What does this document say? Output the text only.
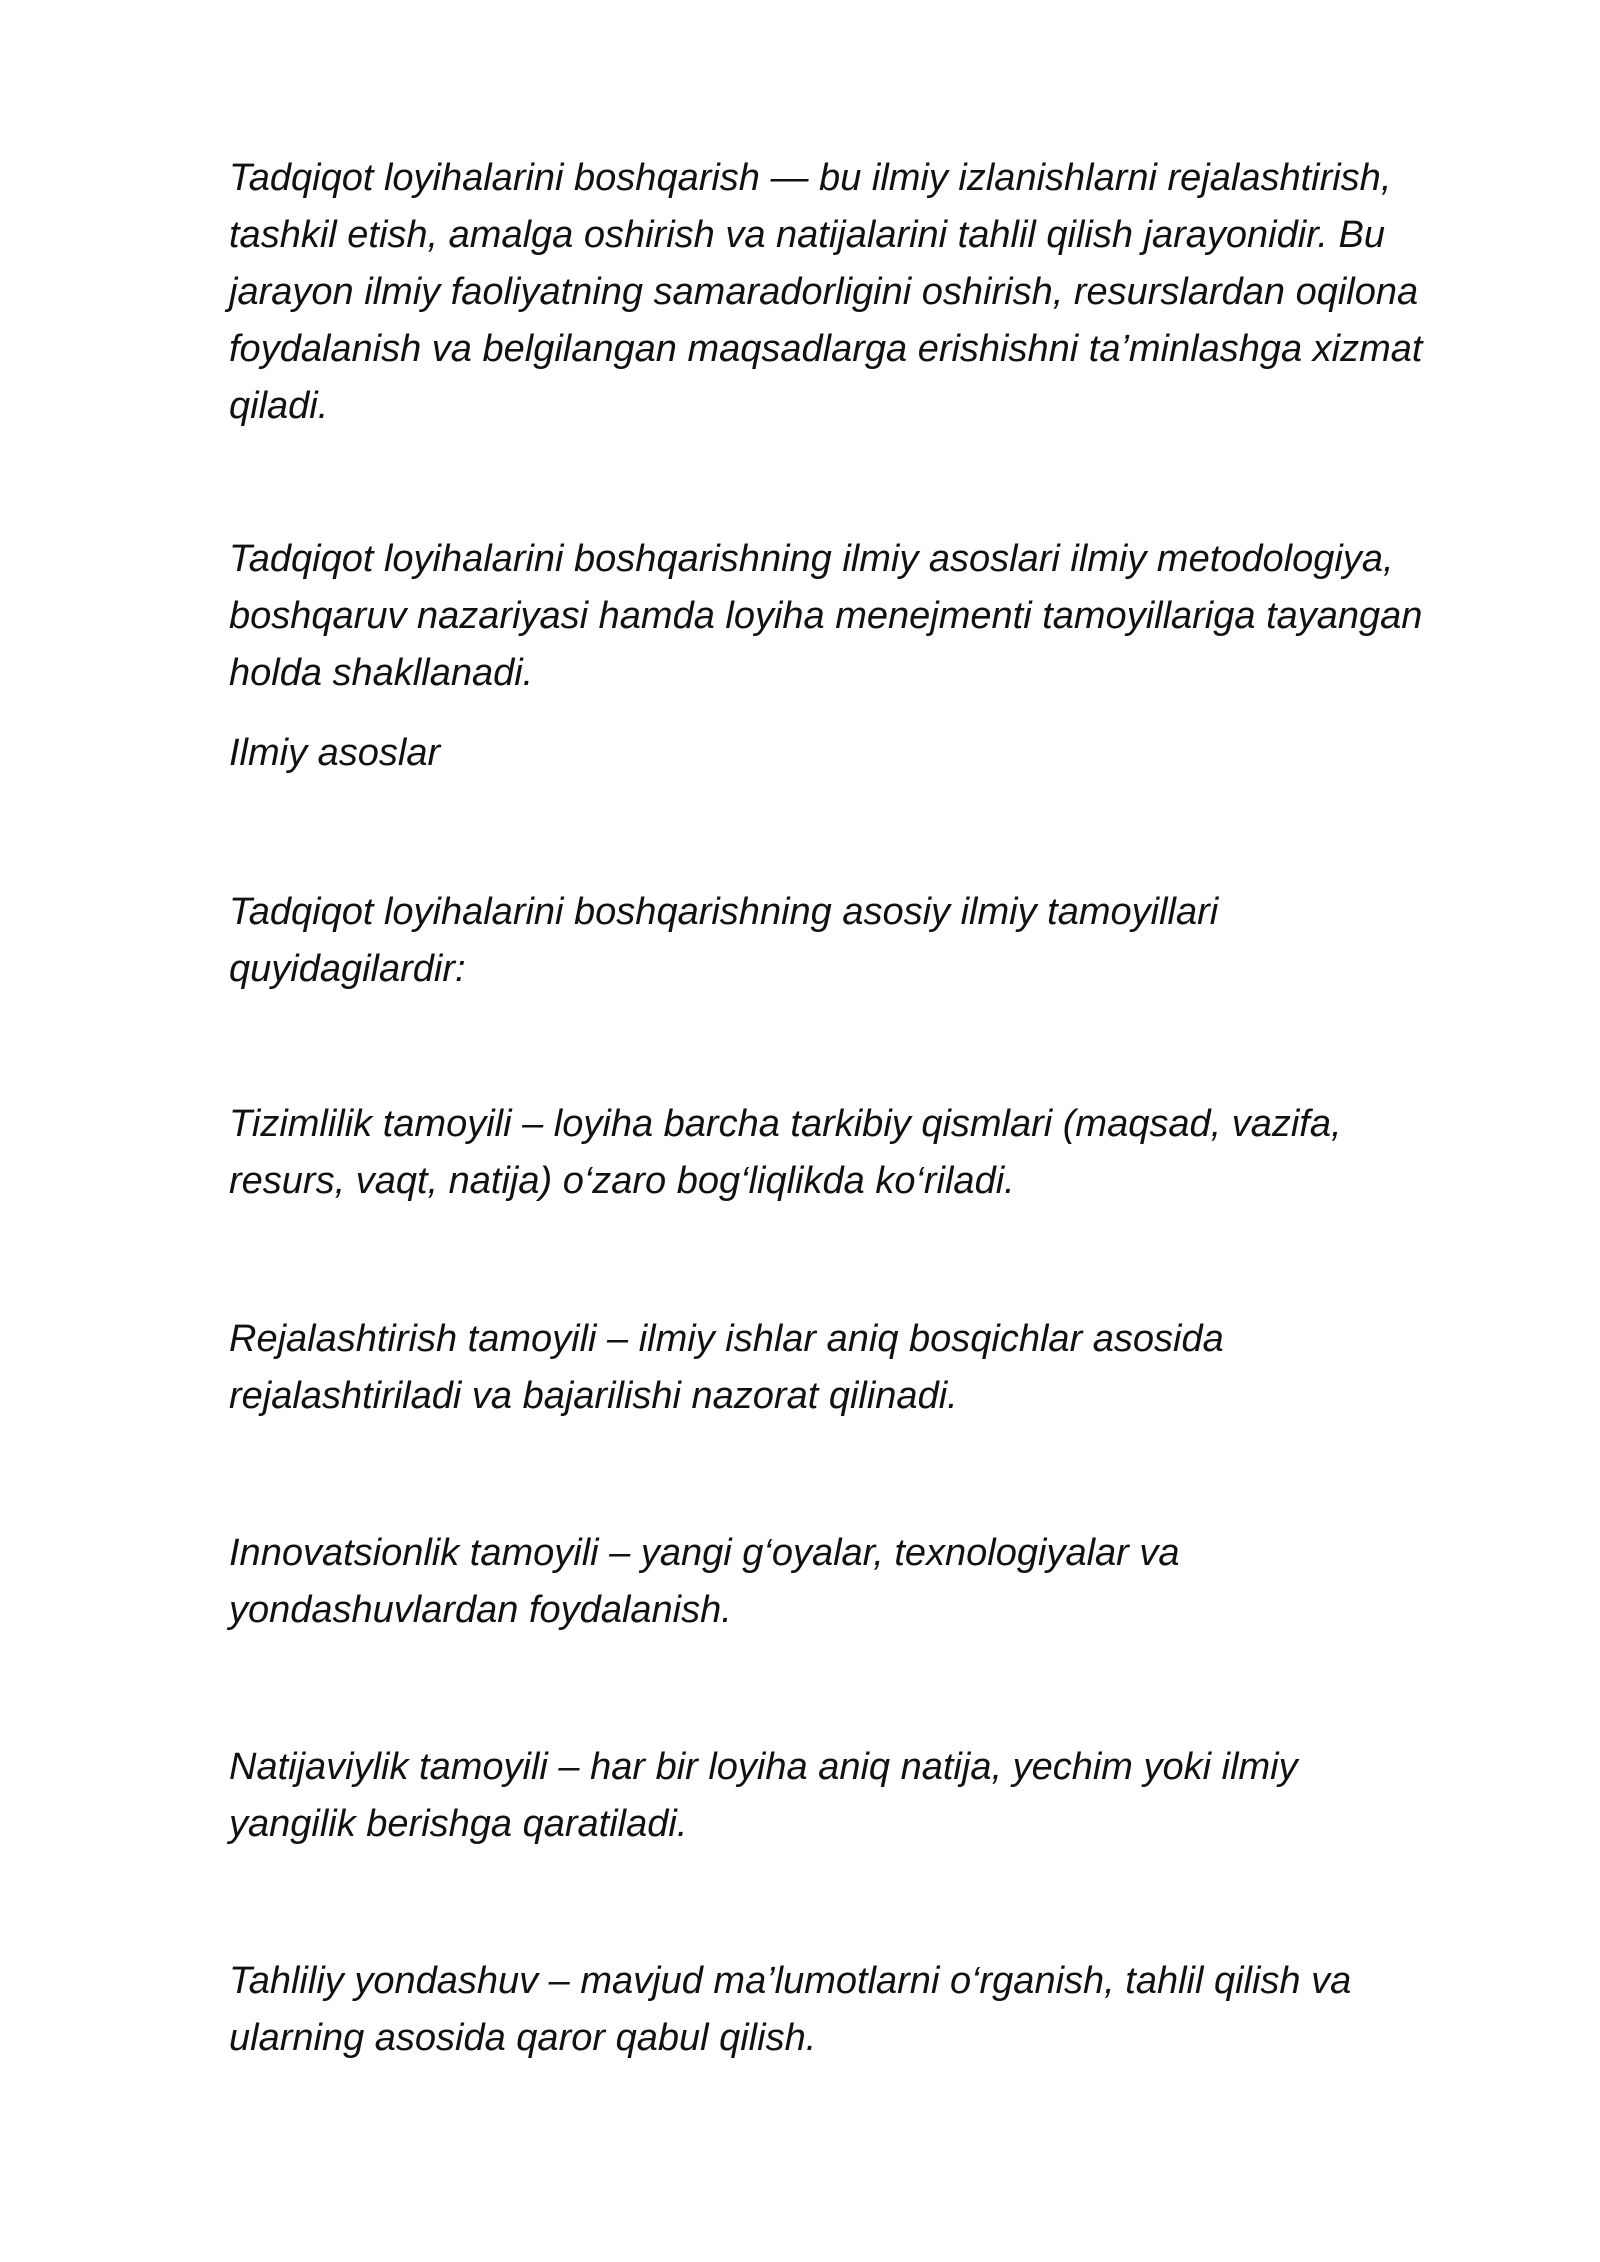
Tadqiqot loyihalarini boshqarish — bu ilmiy izlanishlarni rejalashtirish,
tashkil etish, amalga oshirish va natijalarini tahlil qilish jarayonidir. Bu
jarayon ilmiy faoliyatning samaradorligini oshirish, resurslardan oqilona
foydalanish va belgilangan maqsadlarga erishishni ta’minlashga xizmat
qiladi.

Tadqiqot loyihalarini boshqarishning ilmiy asoslari ilmiy metodologiya,
boshqaruv nazariyasi hamda loyiha menejmenti tamoyillariga tayangan
holda shakllanadi.

Ilmiy asoslar

Tadqiqot loyihalarini boshqarishning asosiy ilmiy tamoyillari
quyidagilardir:

Tizimlilik tamoyili – loyiha barcha tarkibiy qismlari (maqsad, vazifa,
resurs, vaqt, natija) o‘zaro bog‘liqlikda ko‘riladi.

Rejalashtirish tamoyili – ilmiy ishlar aniq bosqichlar asosida
rejalashtiriladi va bajarilishi nazorat qilinadi.

Innovatsionlik tamoyili – yangi g‘oyalar, texnologiyalar va
yondashuvlardan foydalanish.

Natijaviylik tamoyili – har bir loyiha aniq natija, yechim yoki ilmiy
yangilik berishga qaratiladi.

Tahliliy yondashuv – mavjud ma’lumotlarni o‘rganish, tahlil qilish va
ularning asosida qaror qabul qilish.
